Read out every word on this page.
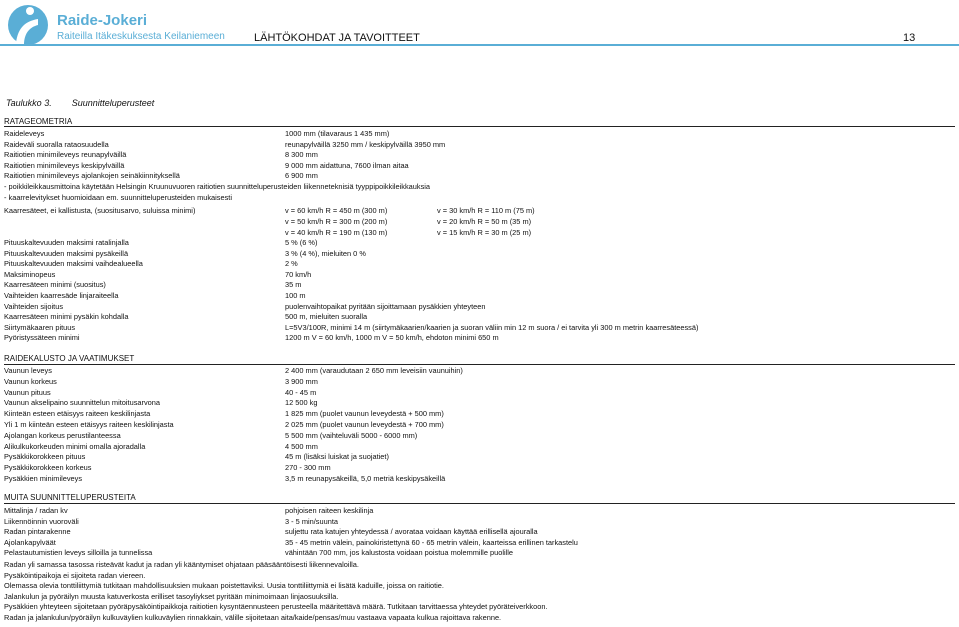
Raide-Jokeri
Raiteilla Itäkeskuksesta Keilaniemeen	LÄHTÖKOHDAT JA TAVOITTEET	13
Taulukko 3. Suunnitteluperusteet
RATAGEOMETRIA
Raideleveys	1000 mm (tilavaraus 1 435 mm)
Raideväli suoralla rataosuudella	reunapylväillä 3250 mm / keskipylväillä 3950 mm
Raitiotien minimileveys reunapylväillä	8 300 mm
Raitiotien minimileveys keskipylväillä	9 000 mm aidattuna, 7600 ilman aitaa
Raitiotien minimileveys ajolankojen seinäkiinnityksellä	6 900 mm
- poikkileikkausmittoina käytetään Helsingin Kruunuvuoren raitiotien suunnitteluperusteiden liikenneteknisiä tyyppipoikkileikkauksia
- kaarrelevitykset huomioidaan em. suunnitteluperusteiden mukaisesti
Kaarresäteet, ei kallistusta, (suositusarvo, suluissa minimi)	v = 60 km/h R = 450 m (300 m)	v = 30 km/h R = 110 m (75 m)
v = 50 km/h R = 300 m (200 m)	v = 20 km/h R = 50 m (35 m)
v = 40 km/h R = 190 m (130 m)	v = 15 km/h R = 30 m (25 m)
Pituuskaltevuuden maksimi ratalinjalla	5 % (6 %)
Pituuskaltevuuden maksimi pysäkeillä	3 % (4 %), mieluiten 0 %
Pituuskaltevuuden maksimi vaihdealueella	2 %
Maksiminopeus	70 km/h
Kaarresäteen minimi (suositus)	35 m
Vaihteiden kaarresäde linjaraiteella	100 m
Vaihteiden sijoitus	puolenvaihtopaikat pyritään sijoittamaan pysäkkien yhteyteen
Kaarresäteen minimi pysäkin kohdalla	500 m, mieluiten suoralla
Siirtymäkaaren pituus	L=5V3/100R, minimi 14 m (siirtymäkaarien/kaarien ja suoran väliin min 12 m suora / ei tarvita yli 300 m metrin kaarresäteessä)
Pyöristyssäteen minimi	1200 m V = 60 km/h, 1000 m V = 50 km/h, ehdoton minimi 650 m
RAIDEKALUSTO JA VAATIMUKSET
Vaunun leveys	2 400 mm (varaudutaan 2 650 mm leveisiin vaunuihin)
Vaunun korkeus	3 900 mm
Vaunun pituus	40 - 45 m
Vaunun akselipaino suunnittelun mitoitusarvona	12 500 kg
Kiinteän esteen etäisyys raiteen keskilinjasta	1 825 mm (puolet vaunun leveydestä + 500 mm)
Yli 1 m kiinteän esteen etäisyys raiteen keskilinjasta	2 025 mm (puolet vaunun leveydestä + 700 mm)
Ajolangan korkeus perustilanteessa	5 500 mm (vaihteluväli 5000 - 6000 mm)
Alikulkukorkeuden minimi omalla ajoradalla	4 500 mm
Pysäkkikorokkeen pituus	45 m (lisäksi luiskat ja suojatiet)
Pysäkkikorokkeen korkeus	270 - 300 mm
Pysäkkien minimileveys	3,5 m reunapysäkeillä, 5,0 metriä keskipysäkeillä
MUITA SUUNNITTELUPERUSTEITA
Mittalinja / radan kv	pohjoisen raiteen keskilinja
Liikennöinnin vuoroväli	3 - 5 min/suunta
Radan pintarakenne	suljettu rata katujen yhteydessä / avorataa voidaan käyttää erillisellä ajouralla
Ajolankapylväät	35 - 45 metrin välein, painokiristettynä 60 - 65 metrin välein, kaarteissa erillinen tarkastelu
Pelastautumistien leveys silloilla ja tunnelissa	vähintään 700 mm, jos kalustosta voidaan poistua molemmille puolille
Radan yli samassa tasossa risteävät kadut ja radan yli kääntymiset ohjataan pääsääntöisesti liikennevaloilla.
Pysäköintipaikoja ei sijoiteta radan viereen.
Olemassa olevia tonttiliittymiä tutkitaan mahdollisuuksien mukaan poistettaviksi. Uusia tonttiliittymiä ei lisätä kaduille, joissa on raitiotie.
Jalankulun ja pyöräilyn muusta katuverkosta erilliset tasoyliykset pyritään minimoimaan linjaosuuksilla.
Pysäkkien yhteyteen sijoitetaan pyöräpysäköintipaikkoja raitiotien kysyntäennusteen perusteella määritettävä määrä. Tutkitaan tarvittaessa yhteydet pyöräteiverkkoon.
Radan ja jalankulun/pyöräilyn kulkuväylien kulkuväylien rinnakkain, välille sijoitetaan aita/kaide/pensas/muu vastaava vapaata kulkua rajoittava rakenne.
